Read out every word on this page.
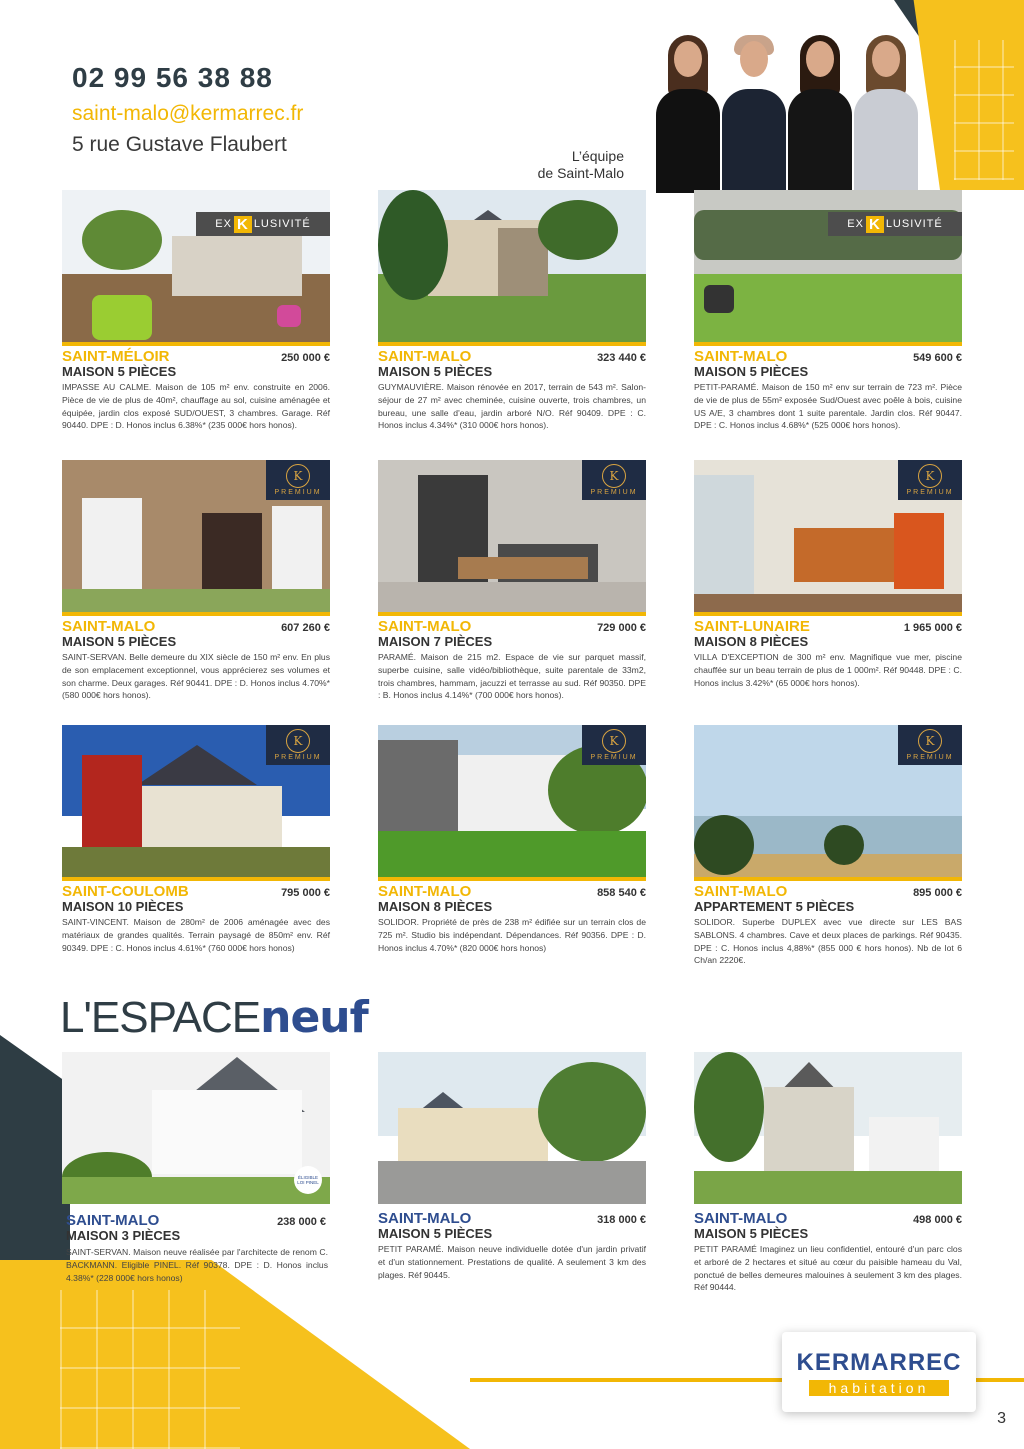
02 99 56 38 88
saint-malo@kermarrec.fr
5 rue Gustave Flaubert	L’équipe
de Saint-Malo
EX K LUSIVITÉ
SAINT-MÉLOIR	250 000 €
MAISON 5 PIÈCES
IMPASSE AU CALME. Maison de 105 m² env. construite en 2006. Pièce de vie de plus de 40m², chauffage au sol, cuisine aménagée et équipée, jardin clos exposé SUD/OUEST, 3 chambres. Garage. Réf 90440. DPE : D. Honos inclus 6.38%* (235 000€ hors honos).
SAINT-MALO	323 440 €
MAISON 5 PIÈCES
GUYMAUVIÈRE. Maison rénovée en 2017, terrain de 543 m². Salon-séjour de 27 m² avec cheminée, cuisine ouverte, trois chambres, un bureau, une salle d'eau, jardin arboré N/O. Réf 90409. DPE : C. Honos inclus 4.34%* (310 000€ hors honos).
EX K LUSIVITÉ
SAINT-MALO	549 600 €
MAISON 5 PIÈCES
PETIT-PARAMÉ. Maison de 150 m² env sur terrain de 723 m². Pièce de vie de plus de 55m² exposée Sud/Ouest avec poêle à bois, cuisine US A/E, 3 chambres dont 1 suite parentale. Jardin clos. Réf 90447. DPE : C. Honos inclus 4.68%* (525 000€ hors honos).
K
PREMIUM
SAINT-MALO	607 260 €
MAISON 5 PIÈCES
SAINT-SERVAN. Belle demeure du XIX siècle de 150 m² env. En plus de son emplacement exceptionnel, vous apprécierez ses volumes et son charme. Deux garages. Réf 90441. DPE : D. Honos inclus 4.70%* (580 000€ hors honos).
K
PREMIUM
SAINT-MALO	729 000 €
MAISON 7 PIÈCES
PARAMÉ. Maison de 215 m2. Espace de vie sur parquet massif, superbe cuisine, salle vidéo/bibliothèque, suite parentale de 33m2, trois chambres, hammam, jacuzzi et terrasse au sud. Réf 90350. DPE : B. Honos inclus 4.14%* (700 000€ hors honos).
K
PREMIUM
SAINT-LUNAIRE	1 965 000 €
MAISON 8 PIÈCES
VILLA D'EXCEPTION de 300 m² env. Magnifique vue mer, piscine chauffée sur un beau terrain de plus de 1 000m². Réf 90448. DPE : C. Honos inclus 3.42%* (65 000€ hors honos).
K
PREMIUM
SAINT-COULOMB	795 000 €
MAISON 10 PIÈCES
SAINT-VINCENT. Maison de 280m² de 2006 aménagée avec des matériaux de grandes qualités. Terrain paysagé de 850m² env. Réf 90349. DPE : C. Honos inclus 4.61%* (760 000€ hors honos)
K
PREMIUM
SAINT-MALO	858 540 €
MAISON 8 PIÈCES
SOLIDOR. Propriété de près de 238 m² édifiée sur un terrain clos de 725 m². Studio bis indépendant. Dépendances. Réf 90356. DPE : D. Honos inclus 4.70%* (820 000€ hors honos)
K
PREMIUM
SAINT-MALO	895 000 €
APPARTEMENT 5 PIÈCES
SOLIDOR. Superbe DUPLEX avec vue directe sur LES BAS SABLONS. 4 chambres. Cave et deux places de parkings. Réf 90435. DPE : C. Honos inclus 4,88%* (855 000 € hors honos). Nb de lot 6 Ch/an 2220€.
L'ESPACEneuf
ÉLIGIBLE LOI PINEL
SAINT-MALO	238 000 €
MAISON 3 PIÈCES
SAINT-SERVAN. Maison neuve réalisée par l'architecte de renom C. BACKMANN. Eligible PINEL. Réf 90378. DPE : D. Honos inclus 4.38%* (228 000€ hors honos)
SAINT-MALO	318 000 €
MAISON 5 PIÈCES
PETIT PARAMÉ. Maison neuve individuelle dotée d'un jardin privatif et d'un stationnement. Prestations de qualité. A seulement 3 km des plages. Réf 90445.
SAINT-MALO	498 000 €
MAISON 5 PIÈCES
PETIT PARAMÉ Imaginez un lieu confidentiel, entouré d'un parc clos et arboré de 2 hectares et situé au cœur du paisible hameau du Val, ponctué de belles demeures malouines à seulement 3 km des plages. Réf 90444.
KERMARREC
habitation
3
